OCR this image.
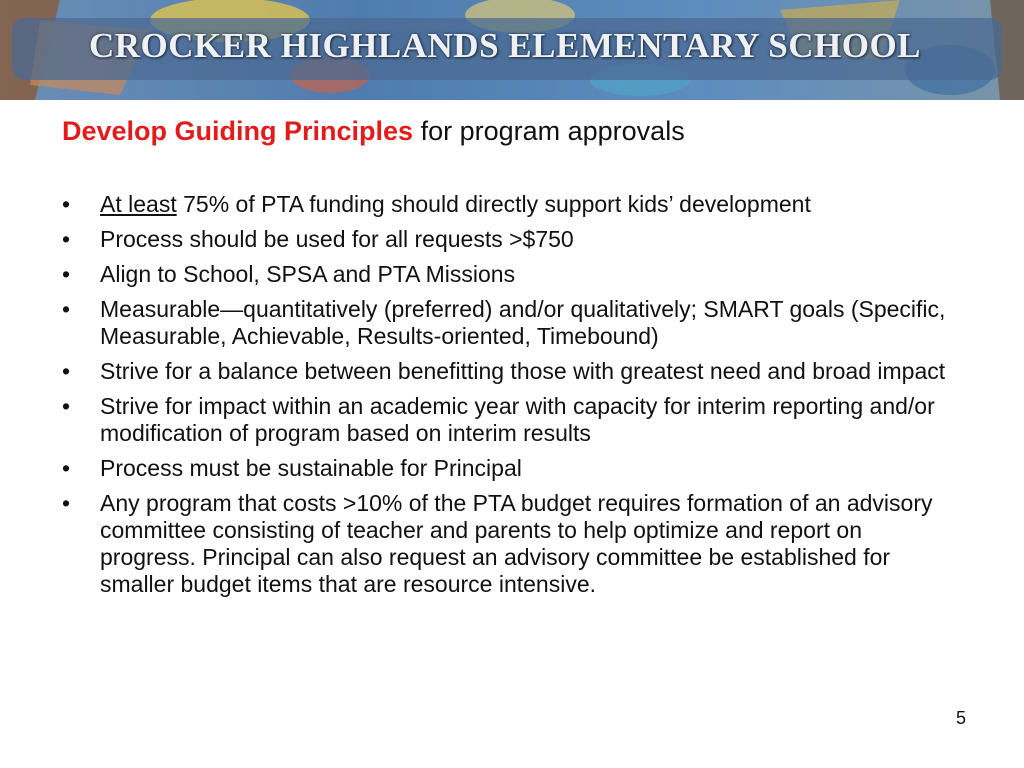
CROCKER HIGHLANDS ELEMENTARY SCHOOL
Develop Guiding Principles for program approvals
•	At least 75% of PTA funding should directly support kids’ development
•	Process should be used for all requests >$750
•	Align to School, SPSA and PTA Missions
•	Measurable—quantitatively (preferred) and/or qualitatively; SMART goals (Specific, Measurable, Achievable, Results-oriented, Timebound)
•	Strive for a balance between benefitting those with greatest need and broad impact
•	Strive for impact within an academic year with capacity for interim reporting and/or modification of program based on interim results
•	Process must be sustainable for Principal
•	Any program that costs >10% of the PTA budget requires formation of an advisory committee consisting of teacher and parents to help optimize and report on progress. Principal can also request an advisory committee be established for smaller budget items that are resource intensive.
5
